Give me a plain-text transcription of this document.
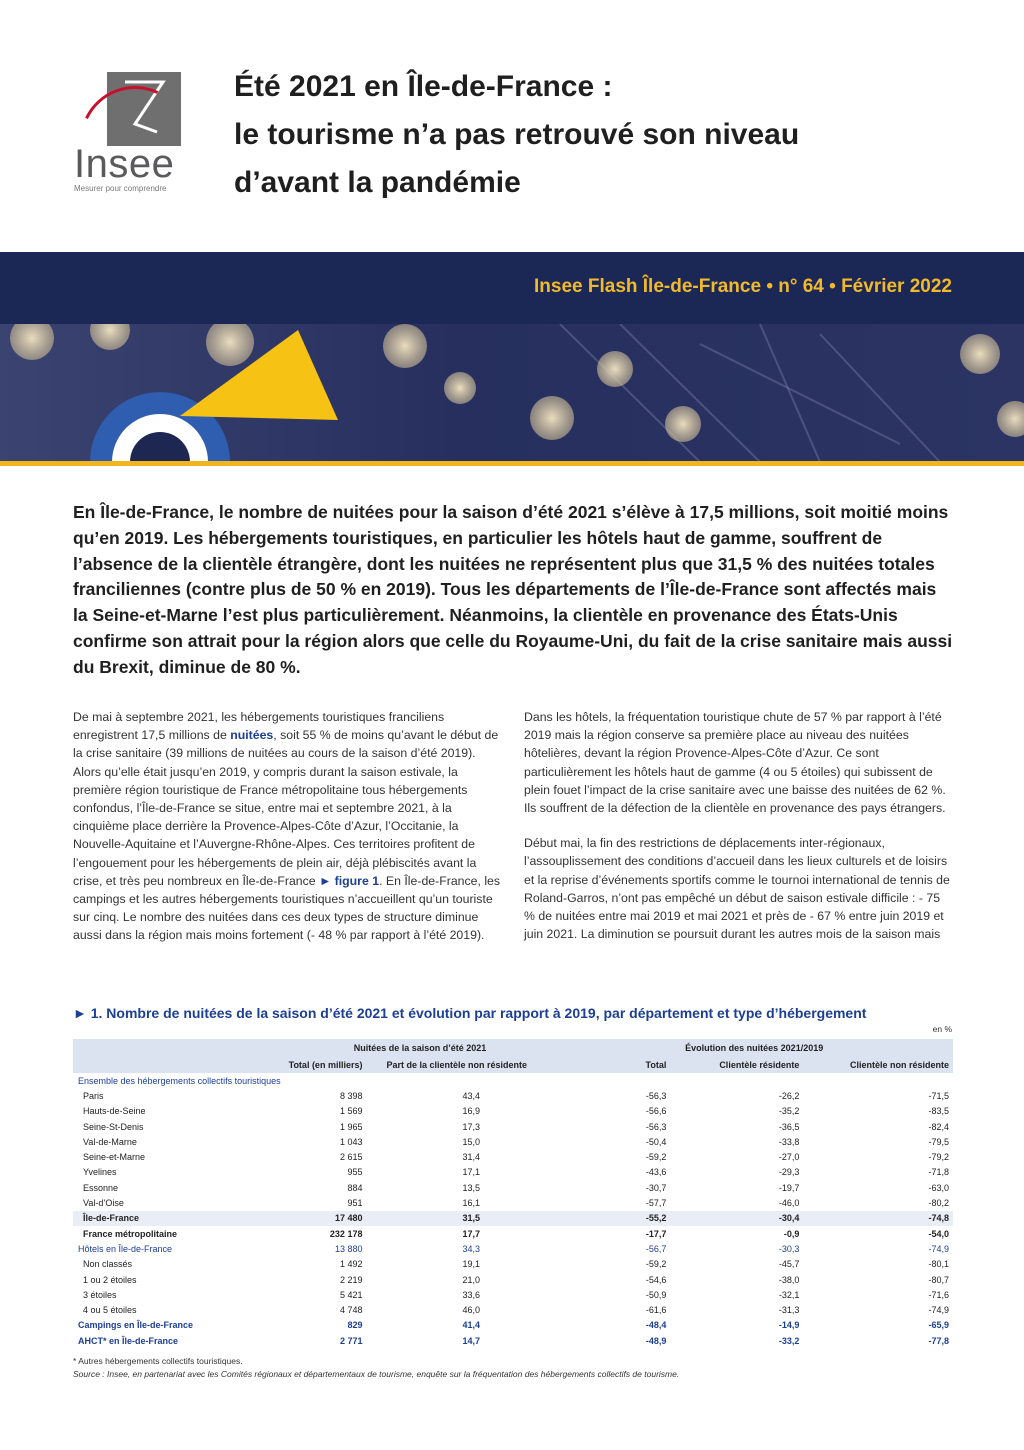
Insee
Mesurer pour comprendre
Été 2021 en Île-de-France :
le tourisme n’a pas retrouvé son niveau
d’avant la pandémie
Insee Flash Île-de-France • n° 64 • Février 2022
En Île-de-France, le nombre de nuitées pour la saison d’été 2021 s’élève à 17,5 millions, soit moitié moins qu’en 2019. Les hébergements touristiques, en particulier les hôtels haut de gamme, souffrent de l’absence de la clientèle étrangère, dont les nuitées ne représentent plus que 31,5 % des nuitées totales franciliennes (contre plus de 50 % en 2019). Tous les départements de l’Île-de-France sont affectés mais la Seine-et-Marne l’est plus particulièrement. Néanmoins, la clientèle en provenance des États-Unis confirme son attrait pour la région alors que celle du Royaume-Uni, du fait de la crise sanitaire mais aussi du Brexit, diminue de 80 %.

De mai à septembre 2021, les hébergements touristiques franciliens enregistrent 17,5 millions de nuitées, soit 55 % de moins qu’avant le début de la crise sanitaire (39 millions de nuitées au cours de la saison d’été 2019). Alors qu’elle était jusqu’en 2019, y compris durant la saison estivale, la première région touristique de France métropolitaine tous hébergements confondus, l’Île-de-France se situe, entre mai et septembre 2021, à la cinquième place derrière la Provence-Alpes-Côte d’Azur, l’Occitanie, la Nouvelle-Aquitaine et l’Auvergne-Rhône-Alpes. Ces territoires profitent de l’engouement pour les hébergements de plein air, déjà plébiscités avant la crise, et très peu nombreux en Île-de-France ► figure 1. En Île-de-France, les campings et les autres hébergements touristiques n’accueillent qu’un touriste sur cinq. Le nombre des nuitées dans ces deux types de structure diminue aussi dans la région mais moins fortement (- 48 % par rapport à l’été 2019).

Dans les hôtels, la fréquentation touristique chute de 57 % par rapport à l’été 2019 mais la région conserve sa première place au niveau des nuitées hôtelières, devant la région Provence-Alpes-Côte d’Azur. Ce sont particulièrement les hôtels haut de gamme (4 ou 5 étoiles) qui subissent de plein fouet l’impact de la crise sanitaire avec une baisse des nuitées de 62 %. Ils souffrent de la défection de la clientèle en provenance des pays étrangers.

Début mai, la fin des restrictions de déplacements inter-régionaux, l’assouplissement des conditions d’accueil dans les lieux culturels et de loisirs et la reprise d’événements sportifs comme le tournoi international de tennis de Roland-Garros, n’ont pas empêché un début de saison estivale difficile : - 75 % de nuitées entre mai 2019 et mai 2021 et près de - 67 % entre juin 2019 et juin 2021. La diminution se poursuit durant les autres mois de la saison mais

► 1. Nombre de nuitées de la saison d’été 2021 et évolution par rapport à 2019, par département et type d’hébergement
en %
	Nuitées de la saison d’été 2021		Évolution des nuitées 2021/2019		
	Total (en milliers)	Part de la clientèle non résidente	Total	Clientèle résidente	Clientèle non résidente
Ensemble des hébergements collectifs touristiques					
Paris	8 398	43,4	-56,3	-26,2	-71,5
Hauts-de-Seine	1 569	16,9	-56,6	-35,2	-83,5
Seine-St-Denis	1 965	17,3	-56,3	-36,5	-82,4
Val-de-Marne	1 043	15,0	-50,4	-33,8	-79,5
Seine-et-Marne	2 615	31,4	-59,2	-27,0	-79,2
Yvelines	955	17,1	-43,6	-29,3	-71,8
Essonne	884	13,5	-30,7	-19,7	-63,0
Val-d’Oise	951	16,1	-57,7	-46,0	-80,2
Île-de-France	17 480	31,5	-55,2	-30,4	-74,8
France métropolitaine	232 178	17,7	-17,7	-0,9	-54,0
Hôtels en Île-de-France	13 880	34,3	-56,7	-30,3	-74,9
Non classés	1 492	19,1	-59,2	-45,7	-80,1
1 ou 2 étoiles	2 219	21,0	-54,6	-38,0	-80,7
3 étoiles	5 421	33,6	-50,9	-32,1	-71,6
4 ou 5 étoiles	4 748	46,0	-61,6	-31,3	-74,9
Campings en Île-de-France	829	41,4	-48,4	-14,9	-65,9
AHCT* en Île-de-France	2 771	14,7	-48,9	-33,2	-77,8
* Autres hébergements collectifs touristiques.
Source : Insee, en partenariat avec les Comités régionaux et départementaux de tourisme, enquête sur la fréquentation des hébergements collectifs de tourisme.
